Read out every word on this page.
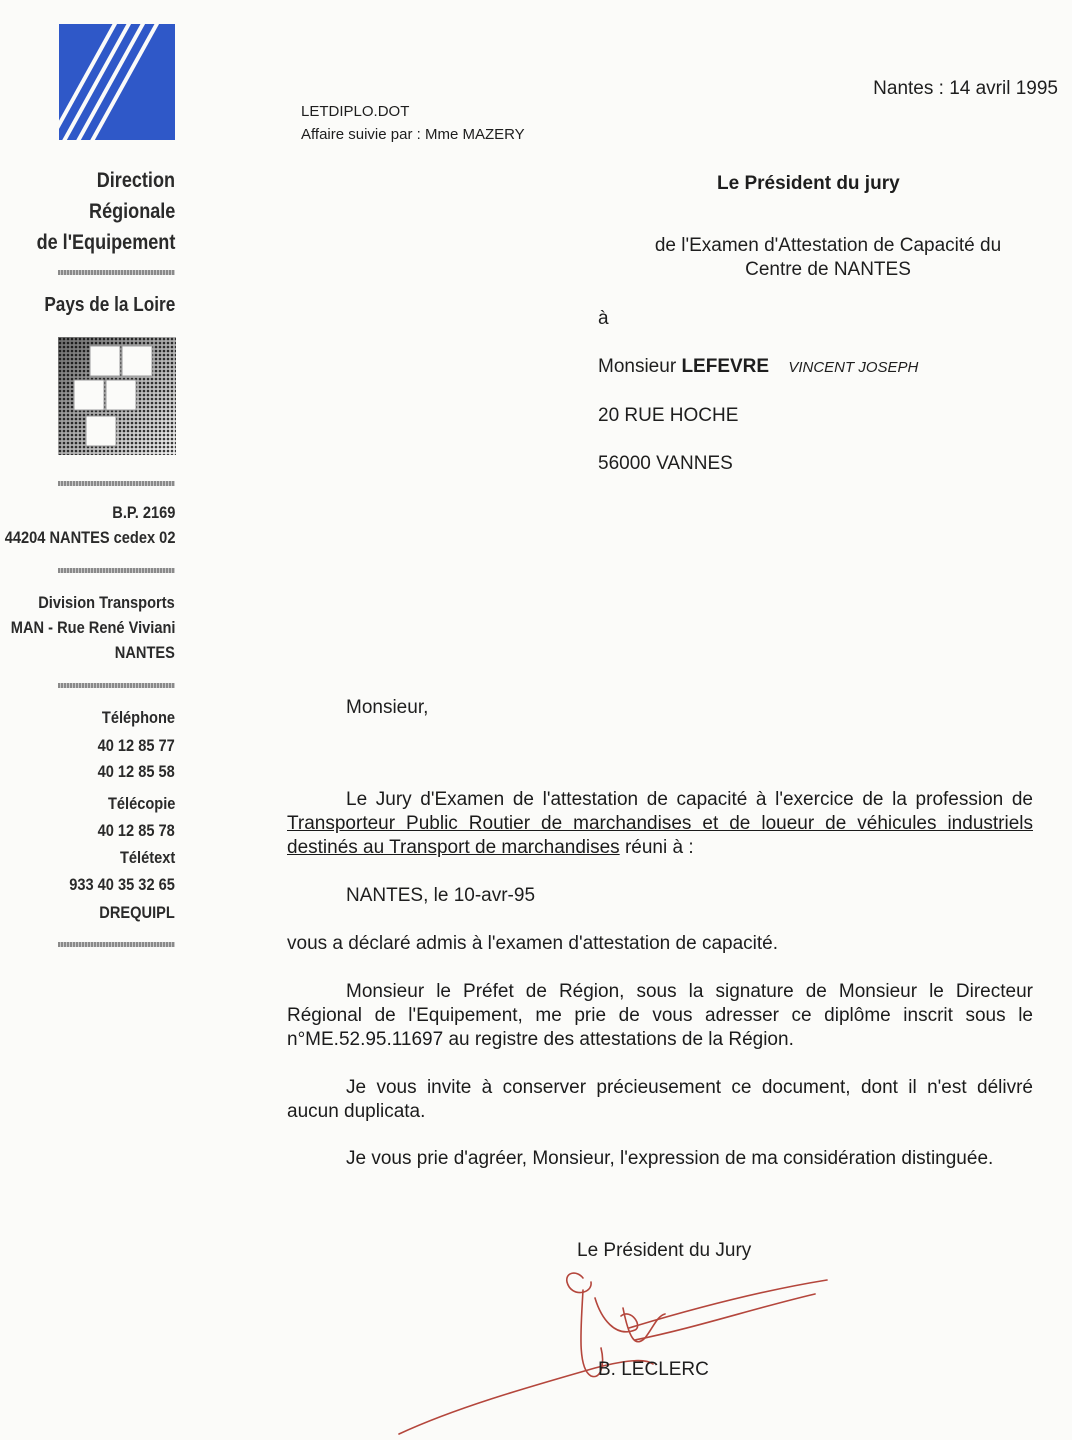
Direction
Régionale
de l'Equipement
Pays de la Loire
B.P. 2169
44204 NANTES cedex 02
Division Transports
MAN - Rue René Viviani
NANTES
Téléphone
40 12 85 77
40 12 85 58
Télécopie
40 12 85 78
Télétext
933 40 35 32 65
DREQUIPL
Nantes : 14 avril 1995
LETDIPLO.DOT
Affaire suivie par : Mme MAZERY
Le Président du jury
de l'Examen d'Attestation de Capacité du
Centre de NANTES
à
Monsieur LEFEVRE VINCENT JOSEPH
20 RUE HOCHE
56000 VANNES
Monsieur,
Le Jury d'Examen de l'attestation de capacité à l'exercice de la profession de Transporteur Public Routier de marchandises et de loueur de véhicules industriels destinés au Transport de marchandises réuni à :
NANTES, le 10-avr-95
vous a déclaré admis à l'examen d'attestation de capacité.
Monsieur le Préfet de Région, sous la signature de Monsieur le Directeur Régional de l'Equipement, me prie de vous adresser ce diplôme inscrit sous le n°ME.52.95.11697 au registre des attestations de la Région.
Je vous invite à conserver précieusement ce document, dont il n'est délivré aucun duplicata.
Je vous prie d'agréer, Monsieur, l'expression de ma considération distinguée.
Le Président du Jury
B. LECLERC
